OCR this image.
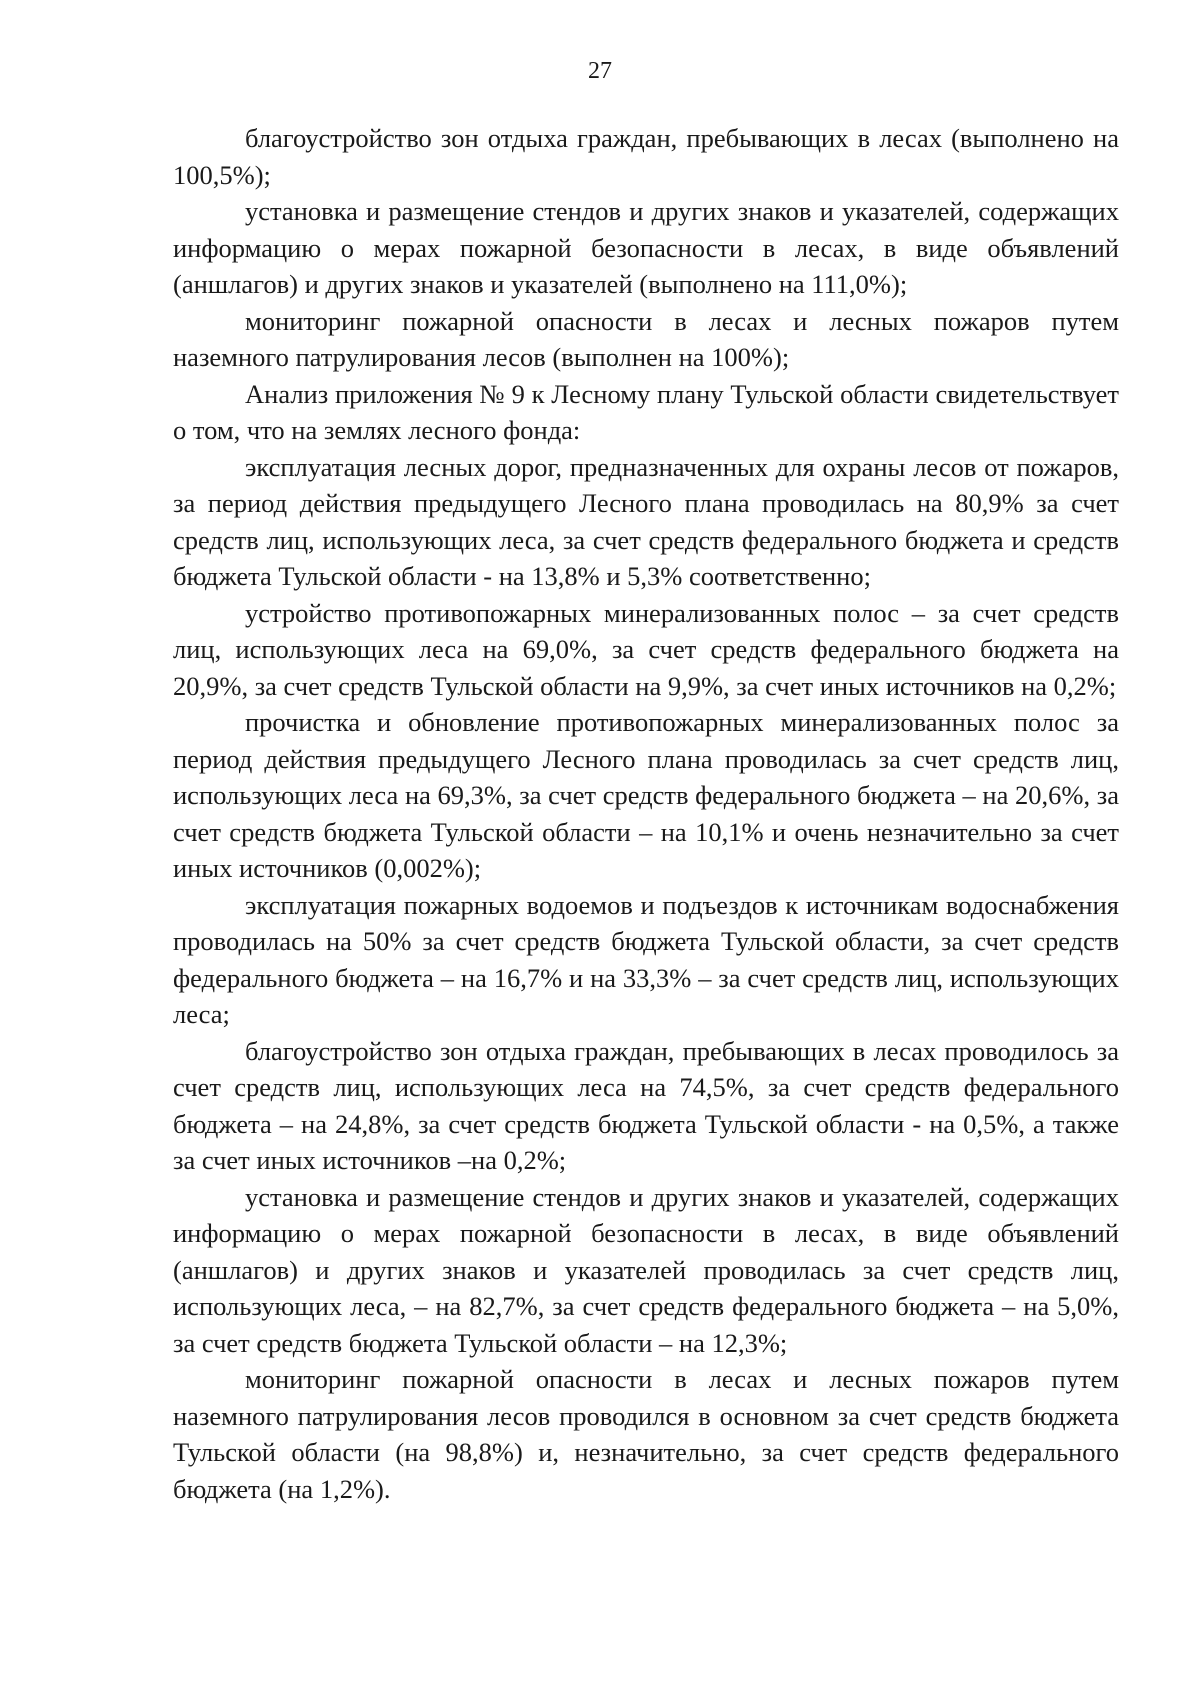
27

благоустройство зон отдыха граждан, пребывающих в лесах (выполнено на 100,5%);

установка и размещение стендов и других знаков и указателей, содержащих информацию о мерах пожарной безопасности в лесах, в виде объявлений (аншлагов) и других знаков и указателей (выполнено на 111,0%);

мониторинг пожарной опасности в лесах и лесных пожаров путем наземного патрулирования лесов (выполнен на 100%);

Анализ приложения № 9 к Лесному плану Тульской области свидетельствует о том, что на землях лесного фонда:

эксплуатация лесных дорог, предназначенных для охраны лесов от пожаров, за период действия предыдущего Лесного плана проводилась на 80,9% за счет средств лиц, использующих леса, за счет средств федерального бюджета и средств бюджета Тульской области - на 13,8% и 5,3% соответственно;

устройство противопожарных минерализованных полос – за счет средств лиц, использующих леса на 69,0%, за счет средств федерального бюджета на 20,9%, за счет средств Тульской области на 9,9%, за счет иных источников на 0,2%;

прочистка и обновление противопожарных минерализованных полос за период действия предыдущего Лесного плана проводилась за счет средств лиц, использующих леса на 69,3%, за счет средств федерального бюджета – на 20,6%, за счет средств бюджета Тульской области – на 10,1% и очень незначительно за счет иных источников (0,002%);

эксплуатация пожарных водоемов и подъездов к источникам водоснабжения проводилась на 50% за счет средств бюджета Тульской области, за счет средств федерального бюджета – на 16,7% и на 33,3% – за счет средств лиц, использующих леса;

благоустройство зон отдыха граждан, пребывающих в лесах проводилось за счет средств лиц, использующих леса на 74,5%, за счет средств федерального бюджета – на 24,8%, за счет средств бюджета Тульской области - на 0,5%, а также за счет иных источников –на 0,2%;

установка и размещение стендов и других знаков и указателей, содержащих информацию о мерах пожарной безопасности в лесах, в виде объявлений (аншлагов) и других знаков и указателей проводилась за счет средств лиц, использующих леса, – на 82,7%, за счет средств федерального бюджета – на 5,0%, за счет средств бюджета Тульской области – на 12,3%;

мониторинг пожарной опасности в лесах и лесных пожаров путем наземного патрулирования лесов проводился в основном за счет средств бюджета Тульской области (на 98,8%) и, незначительно, за счет средств федерального бюджета (на 1,2%).
